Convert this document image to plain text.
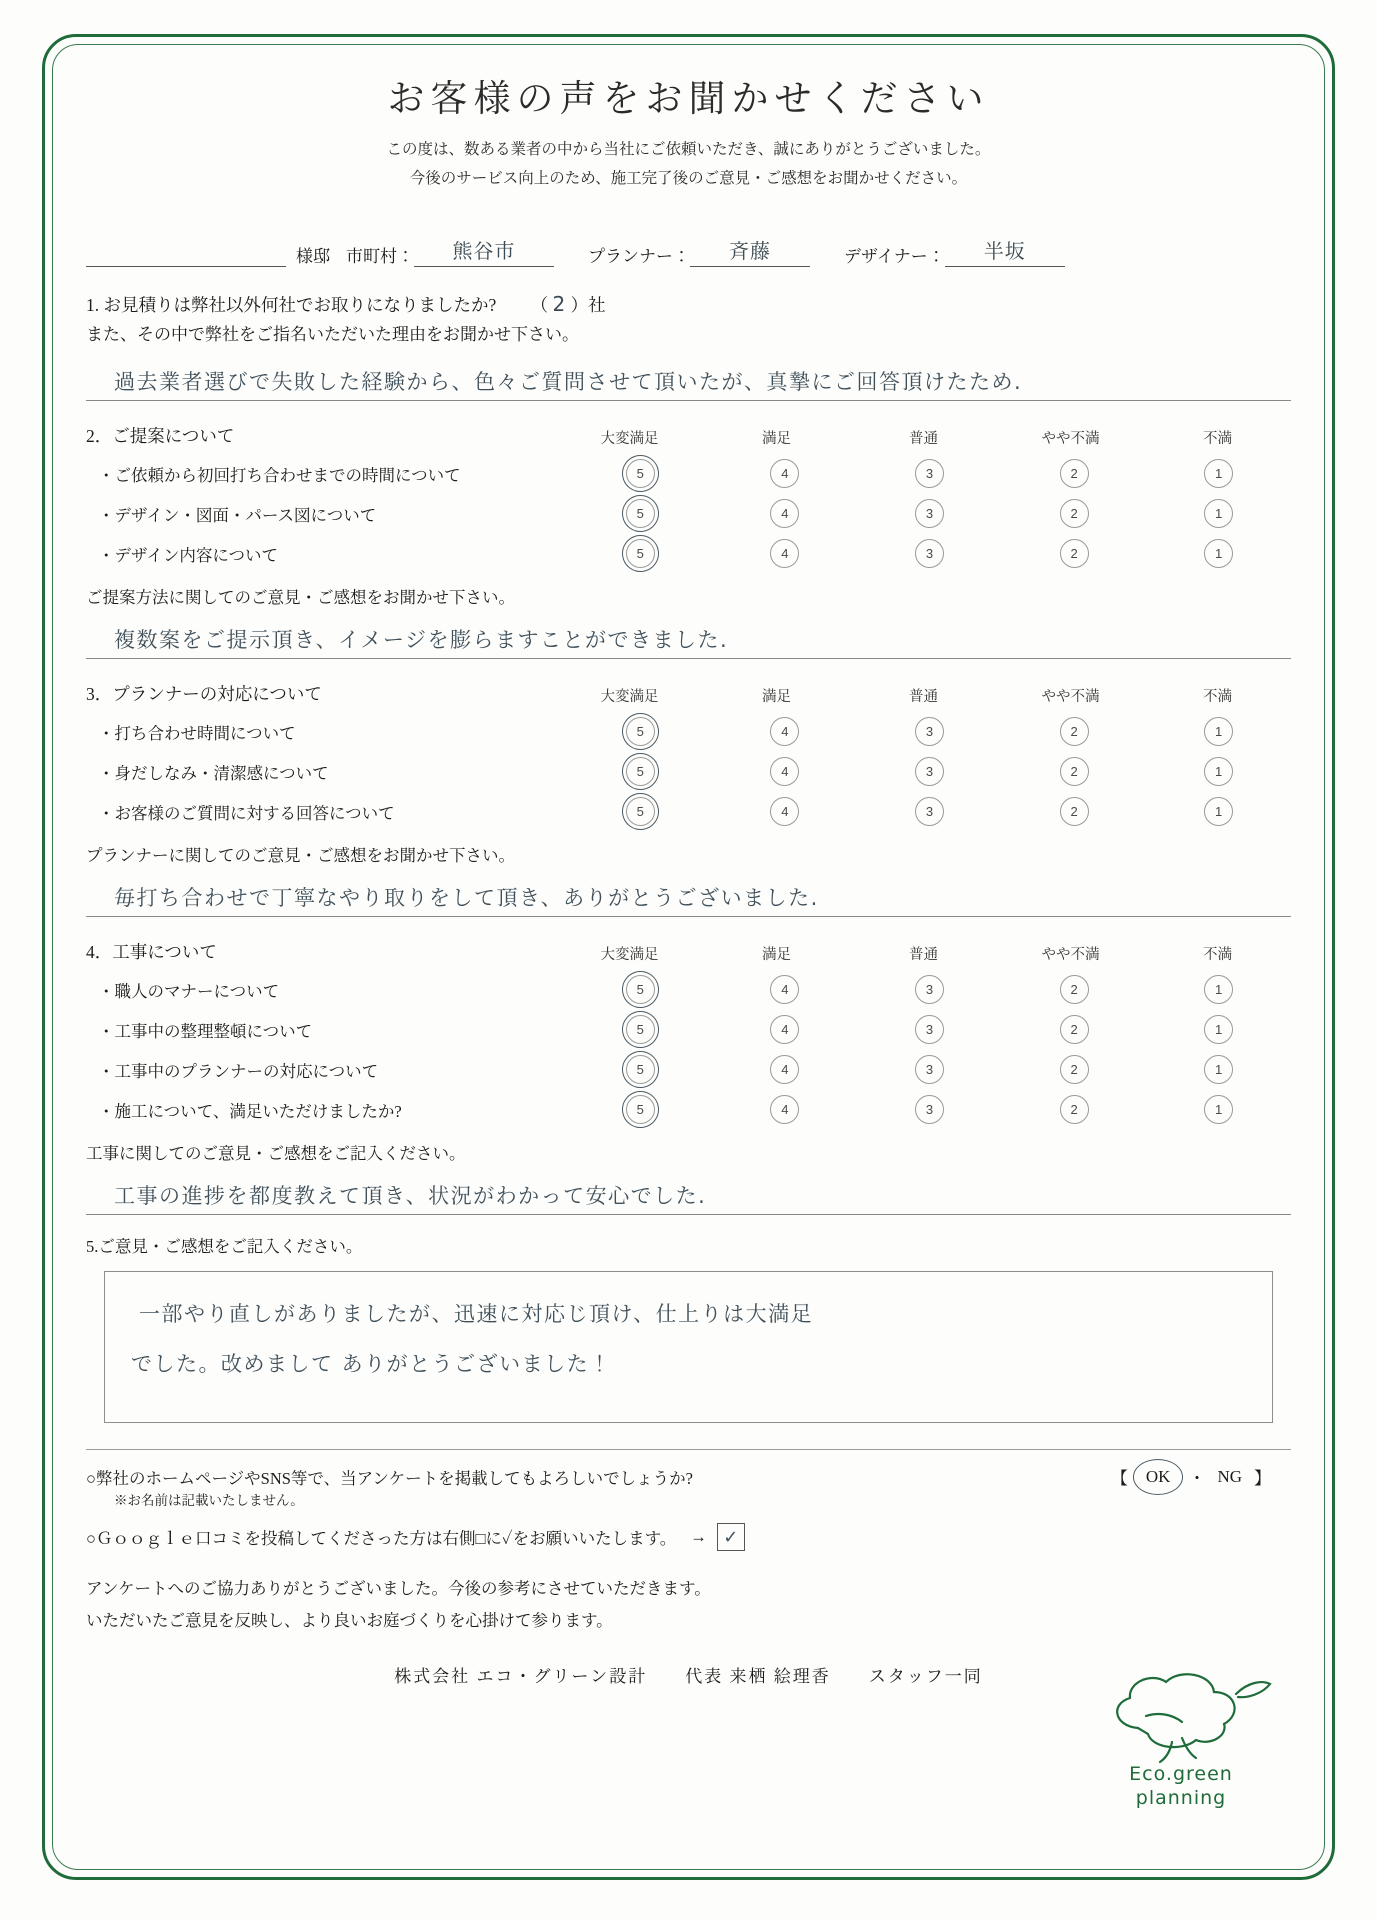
お客様の声をお聞かせください
この度は、数ある業者の中から当社にご依頼いただき、誠にありがとうございました。
今後のサービス向上のため、施工完了後のご意見・ご感想をお聞かせください。

様邸 市町村：	熊谷市	プランナー：	斉藤	デザイナー：	半坂
1. お見積りは弊社以外何社でお取りになりましたか? （ 2 ）社
また、その中で弊社をご指名いただいた理由をお聞かせ下さい。
過去業者選びで失敗した経験から、色々ご質問させて頂いたが、真摯にご回答頂けたため.
2．ご提案について	大変満足	満足	普通	やや不満	不満
・ご依頼から初回打ち合わせまでの時間について	5	4	3	2	1
・デザイン・図面・パース図について	5	4	3	2	1
・デザイン内容について	5	4	3	2	1
ご提案方法に関してのご意見・ご感想をお聞かせ下さい。
複数案をご提示頂き、イメージを膨らますことができました.
3．プランナーの対応について	大変満足	満足	普通	やや不満	不満
・打ち合わせ時間について	5	4	3	2	1
・身だしなみ・清潔感について	5	4	3	2	1
・お客様のご質問に対する回答について	5	4	3	2	1
プランナーに関してのご意見・ご感想をお聞かせ下さい。
毎打ち合わせで丁寧なやり取りをして頂き、ありがとうございました.
4．工事について	大変満足	満足	普通	やや不満	不満
・職人のマナーについて	5	4	3	2	1
・工事中の整理整頓について	5	4	3	2	1
・工事中のプランナーの対応について	5	4	3	2	1
・施工について、満足いただけましたか?	5	4	3	2	1
工事に関してのご意見・ご感想をご記入ください。
工事の進捗を都度教えて頂き、状況がわかって安心でした.
5.ご意見・ご感想をご記入ください。
一部やり直しがありましたが、迅速に対応じ頂け、仕上りは大満足
でした。改めまして ありがとうございました！
○弊社のホームページやSNS等で、当アンケートを掲載してもよろしいでしょうか?	【	OK	・ NG 】
※お名前は記載いたしません。
○Ｇｏｏｇｌｅ口コミを投稿してくださった方は右側□に✓をお願いいたします。 → ✓
アンケートへのご協力ありがとうございました。今後の参考にさせていただきます。
いただいたご意見を反映し、より良いお庭づくりを心掛けて参ります。
株式会社 エコ・グリーン設計　　代表 来栖 絵理香　　スタッフ一同
Eco.green
planning
